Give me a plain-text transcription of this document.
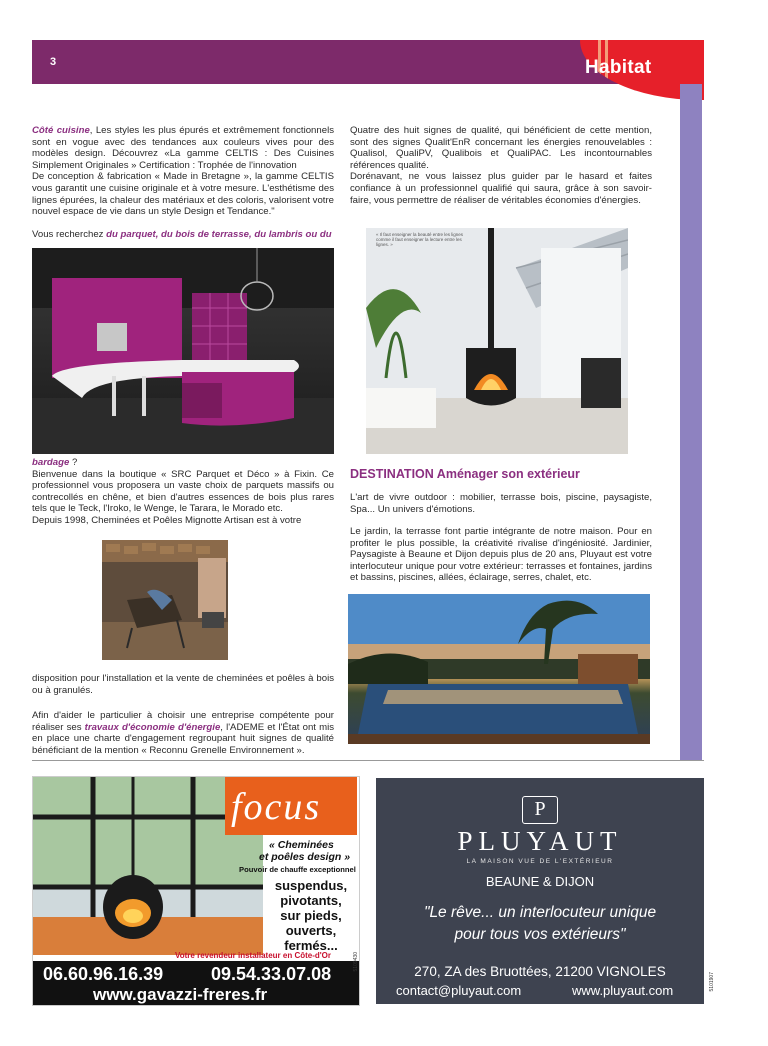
3	Habitat
Côté cuisine, Les styles les plus épurés et extrêmement fonctionnels sont en vogue avec des tendances aux couleurs vives pour des modèles design. Découvrez «La gamme CELTIS : Des Cuisines Simplement Originales » Certification : Trophée de l'innovation
De conception & fabrication « Made in Bretagne », la gamme CELTIS vous garantit une cuisine originale et à votre mesure. L'esthétisme des lignes épurées, la chaleur des matériaux et des coloris, valorisent votre nouvel espace de vie dans un style Design et Tendance."
Vous recherchez du parquet, du bois de terrasse, du lambris ou du
bardage ?
Bienvenue dans la boutique « SRC Parquet et Déco » à Fixin. Ce professionnel vous proposera un vaste choix de parquets massifs ou contrecollés en chêne, et bien d'autres essences de bois plus rares tels que le Teck, l'Iroko, le Wenge, le Tarara, le Morado etc.
Depuis 1998, Cheminées et Poêles Mignotte Artisan est à votre
disposition pour l'installation et la vente de cheminées et poêles à bois ou à granulés.
Afin d'aider le particulier à choisir une entreprise compétente pour réaliser ses travaux d'économie d'énergie, l'ADEME et l'État ont mis en place une charte d'engagement regroupant huit signes de qualité bénéficiant de la mention « Reconnu Grenelle Environnement ».
Quatre des huit signes de qualité, qui bénéficient de cette mention, sont des signes Qualit'EnR concernant les énergies renouvelables : Qualisol, QualiPV, Qualibois et QualiPAC. Les incontournables références qualité.
Dorénavant, ne vous laissez plus guider par le hasard et faites confiance à un professionnel qualifié qui saura, grâce à son savoir-faire, vous permettre de réaliser de véritables économies d'énergies.
« Il faut enseigner la beauté entre les lignes comme il faut enseigner la lecture entre les lignes. »
DESTINATION Aménager son extérieur
L'art de vivre outdoor : mobilier, terrasse bois, piscine, paysagiste, Spa... Un univers d'émotions.
Le jardin, la terrasse font partie intégrante de notre maison. Pour en profiter le plus possible, la créativité rivalise d'ingéniosité. Jardinier, Paysagiste à Beaune et Dijon depuis plus de 20 ans, Pluyaut est votre interlocuteur unique pour votre extérieur: terrasses et fontaines, jardins et bassins, piscines, allées, éclairage, serres, chalet, etc.
focus
« Cheminées
et poêles design »
Pouvoir de chauffe exceptionnel
suspendus,
pivotants,
sur pieds,
ouverts,
fermés...
Votre revendeur installateur en Côte-d'Or
06.60.96.16.39	09.54.33.07.08
www.gavazzi-freres.fr
5109430
P
PLUYAUT
LA MAISON VUE DE L'EXTÉRIEUR
BEAUNE & DIJON
"Le rêve... un interlocuteur unique
pour tous vos extérieurs"
270, ZA des Bruottées, 21200 VIGNOLES
contact@pluyaut.com	www.pluyaut.com	5101907
